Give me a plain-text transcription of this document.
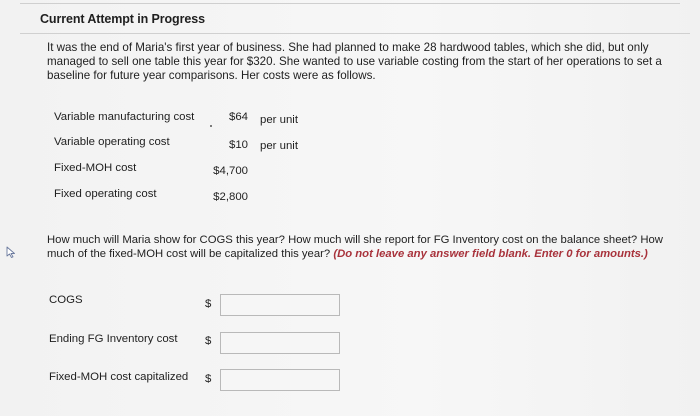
Current Attempt in Progress
It was the end of Maria's first year of business. She had planned to make 28 hardwood tables, which she did, but only managed to sell one table this year for $320. She wanted to use variable costing from the start of her operations to set a baseline for future year comparisons. Her costs were as follows.
Variable manufacturing cost	$64 per unit
Variable operating cost	$10 per unit
Fixed-MOH cost	$4,700
Fixed operating cost	$2,800
How much will Maria show for COGS this year? How much will she report for FG Inventory cost on the balance sheet? How much of the fixed-MOH cost will be capitalized this year? (Do not leave any answer field blank. Enter 0 for amounts.)
COGS	$
Ending FG Inventory cost $
Fixed-MOH cost capitalized $
